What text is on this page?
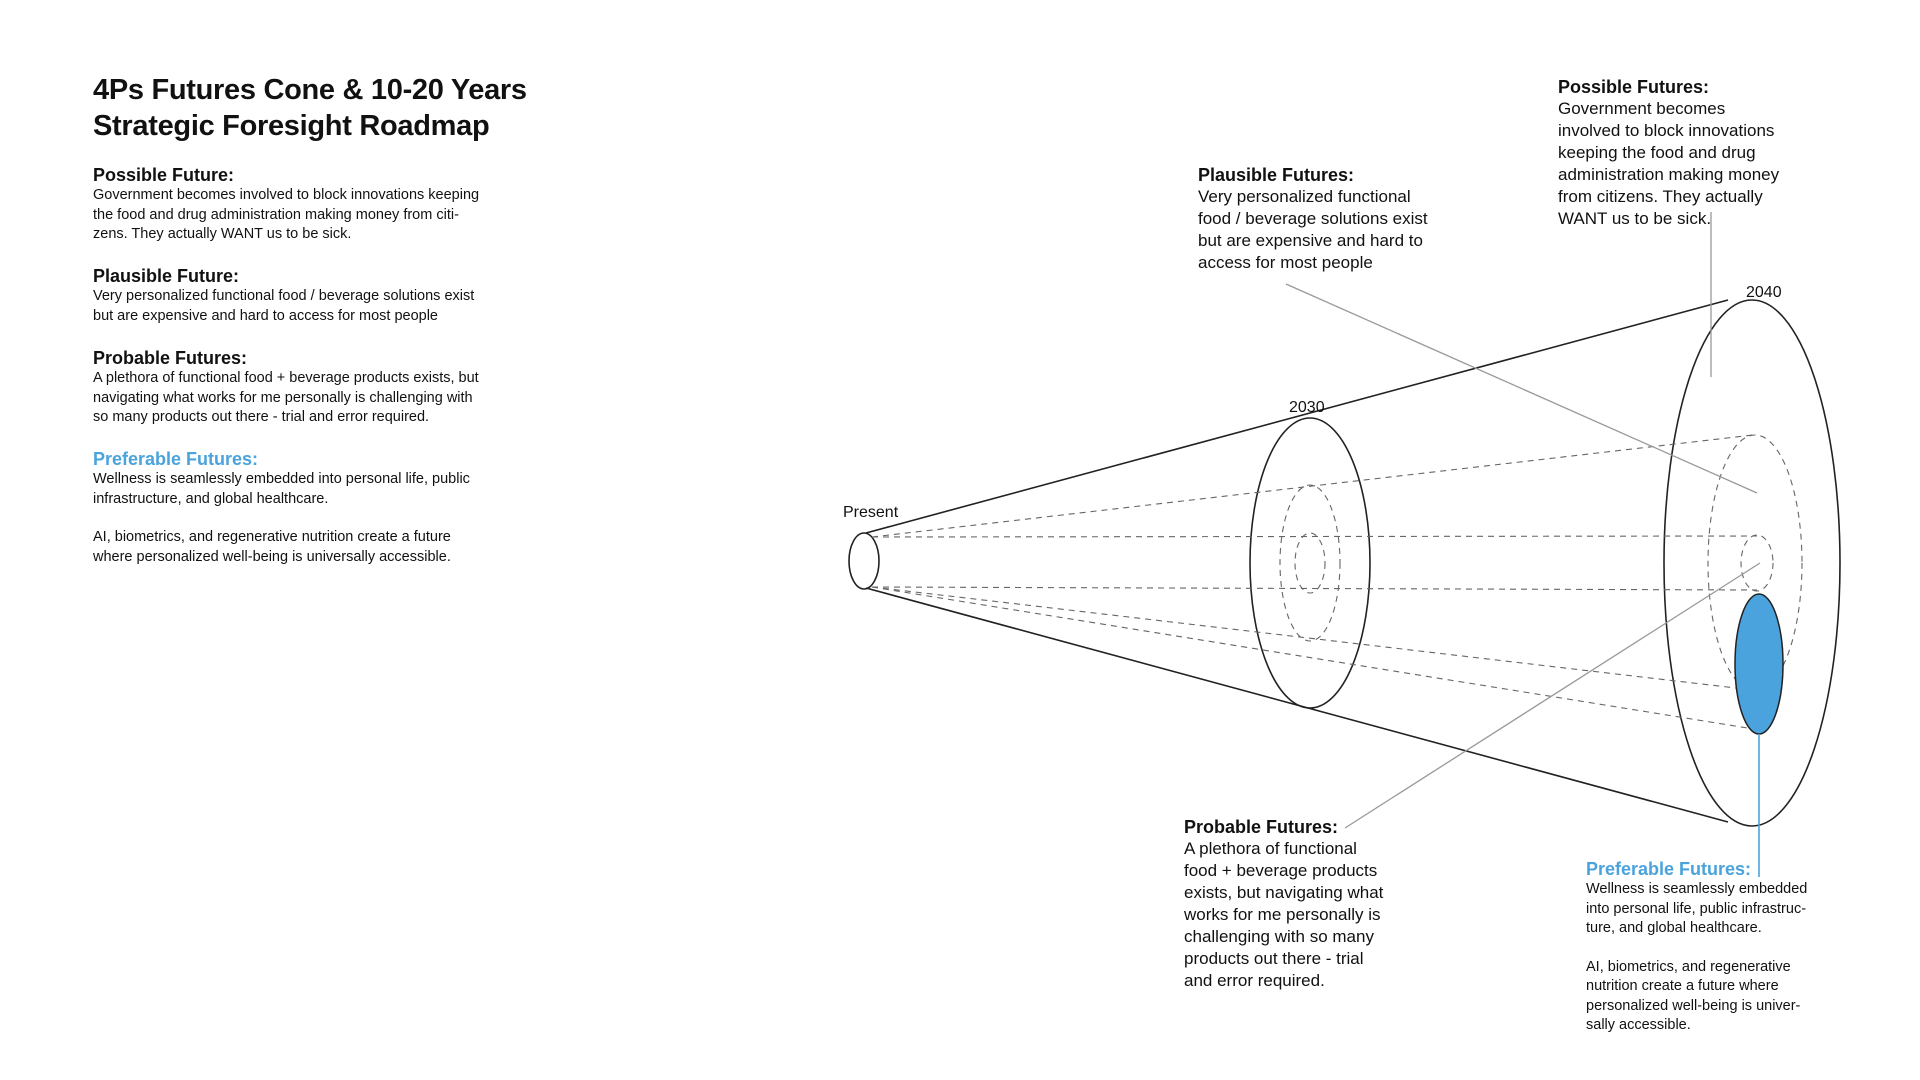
4Ps Futures Cone & 10-20 Years
Strategic Foresight Roadmap

Possible Future:

Government becomes involved to block innovations keeping

the food and drug administration making money from citi-

zens. They actually WANT us to be sick.

Plausible Future:

Very personalized functional food / beverage solutions exist

but are expensive and hard to access for most people

Probable Futures:

A plethora of functional food + beverage products exists, but

navigating what works for me personally is challenging with

so many products out there - trial and error required.

Preferable Futures:

Wellness is seamlessly embedded into personal life, public

infrastructure, and global healthcare.

AI, biometrics, and regenerative nutrition create a future

where personalized well-being is universally accessible.

Present
2030
2040

Possible Futures:

Government becomes

involved to block innovations

keeping the food and drug

administration making money

from citizens. They actually

WANT us to be sick.

Plausible Futures:

Very personalized functional

food / beverage solutions exist

but are expensive and hard to

access for most people

Probable Futures:

A plethora of functional

food + beverage products

exists, but navigating what

works for me personally is

challenging with so many

products out there - trial

and error required.

Preferable Futures:

Wellness is seamlessly embedded

into personal life, public infrastruc-

ture, and global healthcare.

AI, biometrics, and regenerative

nutrition create a future where

personalized well-being is univer-

sally accessible.
